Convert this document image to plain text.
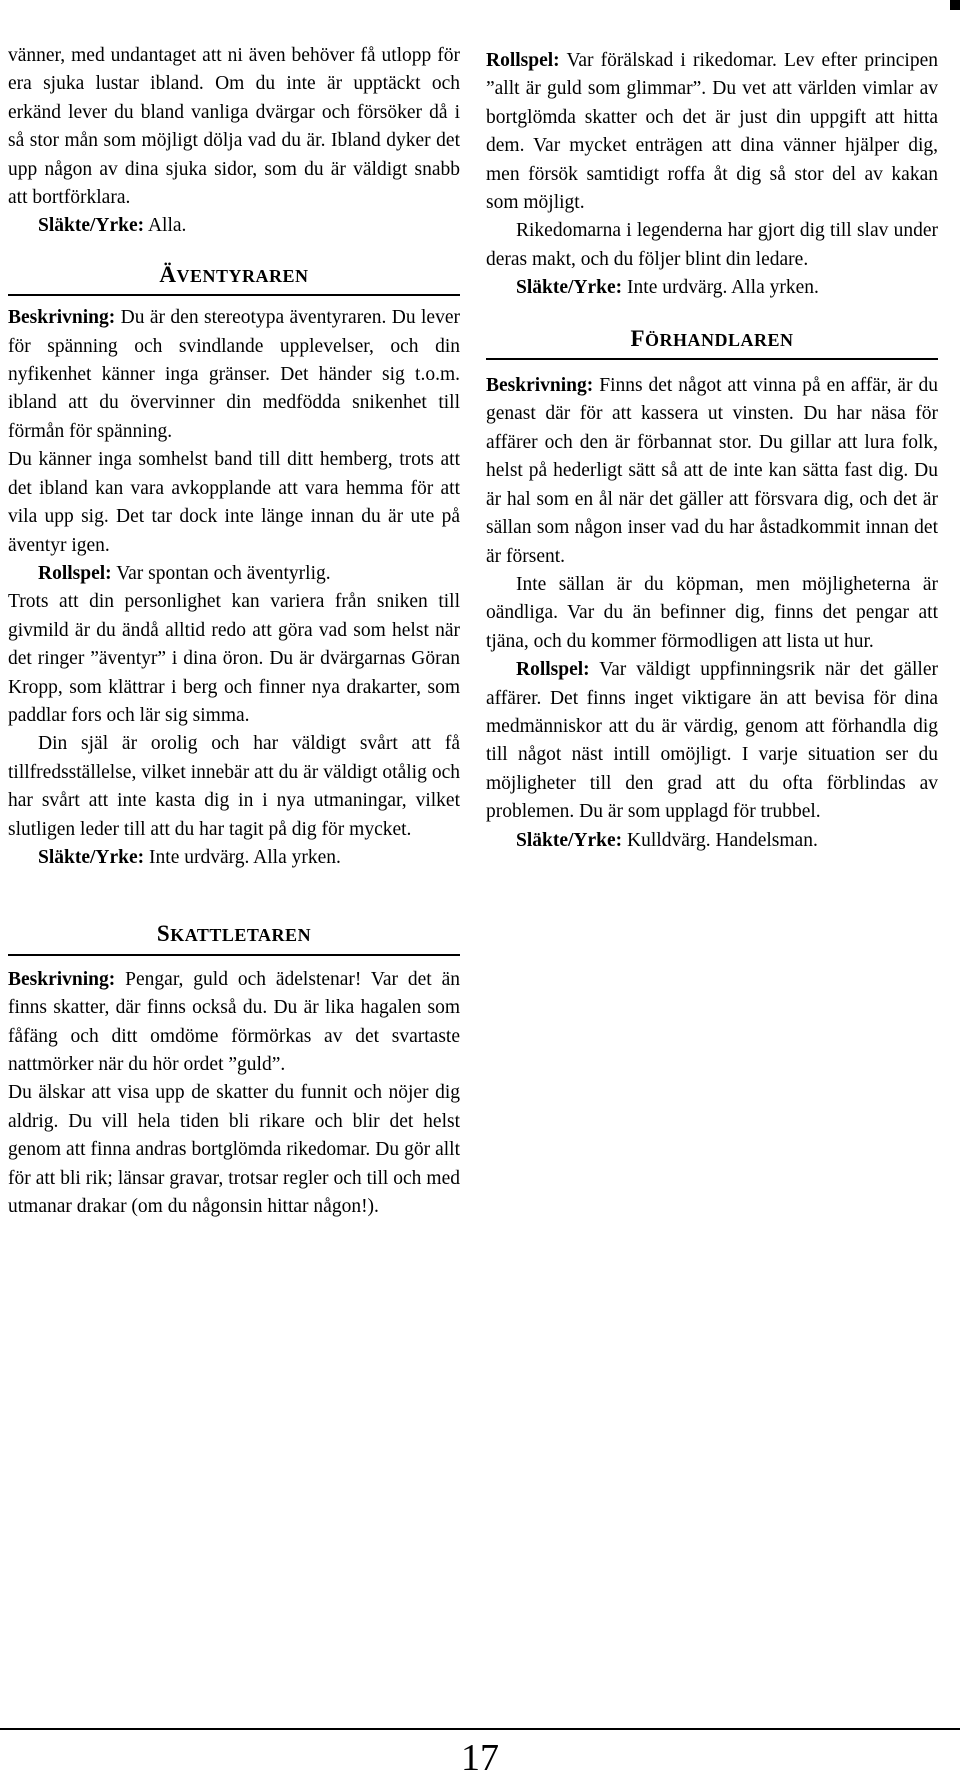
vänner, med undantaget att ni även behöver få utlopp för era sjuka lustar ibland. Om du inte är upptäckt och erkänd lever du bland vanliga dvärgar och försöker då i så stor mån som möjligt dölja vad du är. Ibland dyker det upp någon av dina sjuka sidor, som du är väldigt snabb att bortförklara.

Släkte/Yrke: Alla.

ÄVENTYRAREN

Beskrivning: Du är den stereotypa äventyraren. Du lever för spänning och svindlande upplevelser, och din nyfikenhet känner inga gränser. Det händer sig t.o.m. ibland att du övervinner din medfödda snikenhet till förmån för spänning.

Du känner inga somhelst band till ditt hemberg, trots att det ibland kan vara avkopplande att vara hemma för att vila upp sig. Det tar dock inte länge innan du är ute på äventyr igen.

Rollspel: Var spontan och äventyrlig.

Trots att din personlighet kan variera från sniken till givmild är du ändå alltid redo att göra vad som helst när det ringer ”äventyr” i dina öron. Du är dvärgarnas Göran Kropp, som klättrar i berg och finner nya drakarter, som paddlar fors och lär sig simma.

Din själ är orolig och har väldigt svårt att få tillfredsställelse, vilket innebär att du är väldigt otålig och har svårt att inte kasta dig in i nya utmaningar, vilket slutligen leder till att du har tagit på dig för mycket.

Släkte/Yrke: Inte urdvärg. Alla yrken.

SKATTLETAREN

Beskrivning: Pengar, guld och ädelstenar! Var det än finns skatter, där finns också du. Du är lika hagalen som fåfäng och ditt omdöme förmörkas av det svartaste nattmörker när du hör ordet ”guld”.

Du älskar att visa upp de skatter du funnit och nöjer dig aldrig. Du vill hela tiden bli rikare och blir det helst genom att finna andras bortglömda rikedomar. Du gör allt för att bli rik; länsar gravar, trotsar regler och till och med utmanar drakar (om du någonsin hittar någon!).

Rollspel: Var förälskad i rikedomar. Lev efter principen ”allt är guld som glimmar”. Du vet att världen vimlar av bortglömda skatter och det är just din uppgift att hitta dem. Var mycket enträgen att dina vänner hjälper dig, men försök samtidigt roffa åt dig så stor del av kakan som möjligt.

Rikedomarna i legenderna har gjort dig till slav under deras makt, och du följer blint din ledare.

Släkte/Yrke: Inte urdvärg. Alla yrken.

FÖRHANDLAREN

Beskrivning: Finns det något att vinna på en affär, är du genast där för att kassera ut vinsten. Du har näsa för affärer och den är förbannat stor. Du gillar att lura folk, helst på hederligt sätt så att de inte kan sätta fast dig. Du är hal som en ål när det gäller att försvara dig, och det är sällan som någon inser vad du har åstadkommit innan det är försent.

Inte sällan är du köpman, men möjligheterna är oändliga. Var du än befinner dig, finns det pengar att tjäna, och du kommer förmodligen att lista ut hur.

Rollspel: Var väldigt uppfinningsrik när det gäller affärer. Det finns inget viktigare än att bevisa för dina medmänniskor att du är värdig, genom att förhandla dig till något näst intill omöjligt. I varje situation ser du möjligheter till den grad att du ofta förblindas av problemen. Du är som upplagd för trubbel.

Släkte/Yrke: Kulldvärg. Handelsman.

17
